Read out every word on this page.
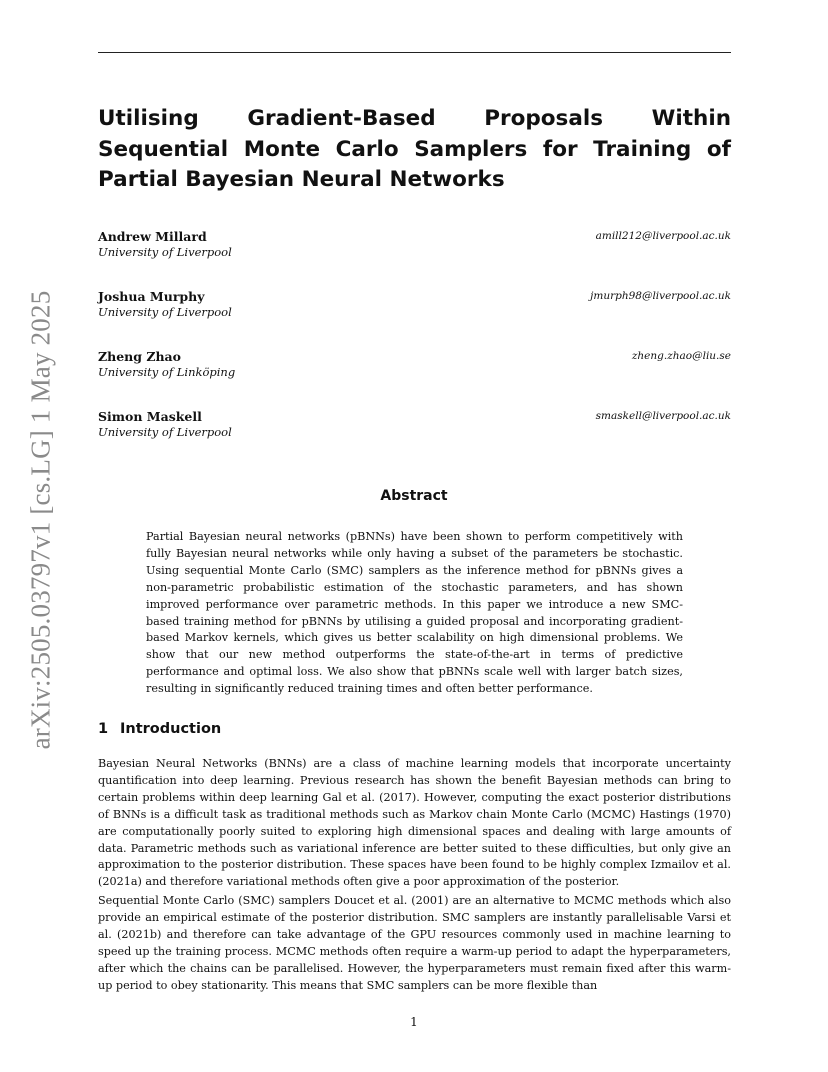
arXiv:2505.03797v1 [cs.LG] 1 May 2025
Utilising Gradient-Based Proposals Within Sequential Monte Carlo Samplers for Training of Partial Bayesian Neural Networks
Andrew Millard
University of Liverpool
amill212@liverpool.ac.uk
Joshua Murphy
University of Liverpool
jmurph98@liverpool.ac.uk
Zheng Zhao
University of Linköping
zheng.zhao@liu.se
Simon Maskell
University of Liverpool
smaskell@liverpool.ac.uk
Abstract

Partial Bayesian neural networks (pBNNs) have been shown to perform competitively with fully Bayesian neural networks while only having a subset of the parameters be stochastic. Using sequential Monte Carlo (SMC) samplers as the inference method for pBNNs gives a non-parametric probabilistic estimation of the stochastic parameters, and has shown improved performance over parametric methods. In this paper we introduce a new SMC-based training method for pBNNs by utilising a guided proposal and incorporating gradient-based Markov kernels, which gives us better scalability on high dimensional problems. We show that our new method outperforms the state-of-the-art in terms of predictive performance and optimal loss. We also show that pBNNs scale well with larger batch sizes, resulting in significantly reduced training times and often better performance.

1 Introduction

Bayesian Neural Networks (BNNs) are a class of machine learning models that incorporate uncertainty quantification into deep learning. Previous research has shown the benefit Bayesian methods can bring to certain problems within deep learning Gal et al. (2017). However, computing the exact posterior distributions of BNNs is a difficult task as traditional methods such as Markov chain Monte Carlo (MCMC) Hastings (1970) are computationally poorly suited to exploring high dimensional spaces and dealing with large amounts of data. Parametric methods such as variational inference are better suited to these difficulties, but only give an approximation to the posterior distribution. These spaces have been found to be highly complex Izmailov et al. (2021a) and therefore variational methods often give a poor approximation of the posterior.

Sequential Monte Carlo (SMC) samplers Doucet et al. (2001) are an alternative to MCMC methods which also provide an empirical estimate of the posterior distribution. SMC samplers are instantly parallelisable Varsi et al. (2021b) and therefore can take advantage of the GPU resources commonly used in machine learning to speed up the training process. MCMC methods often require a warm-up period to adapt the hyperparameters, after which the chains can be parallelised. However, the hyperparameters must remain fixed after this warm-up period to obey stationarity. This means that SMC samplers can be more flexible than

1
